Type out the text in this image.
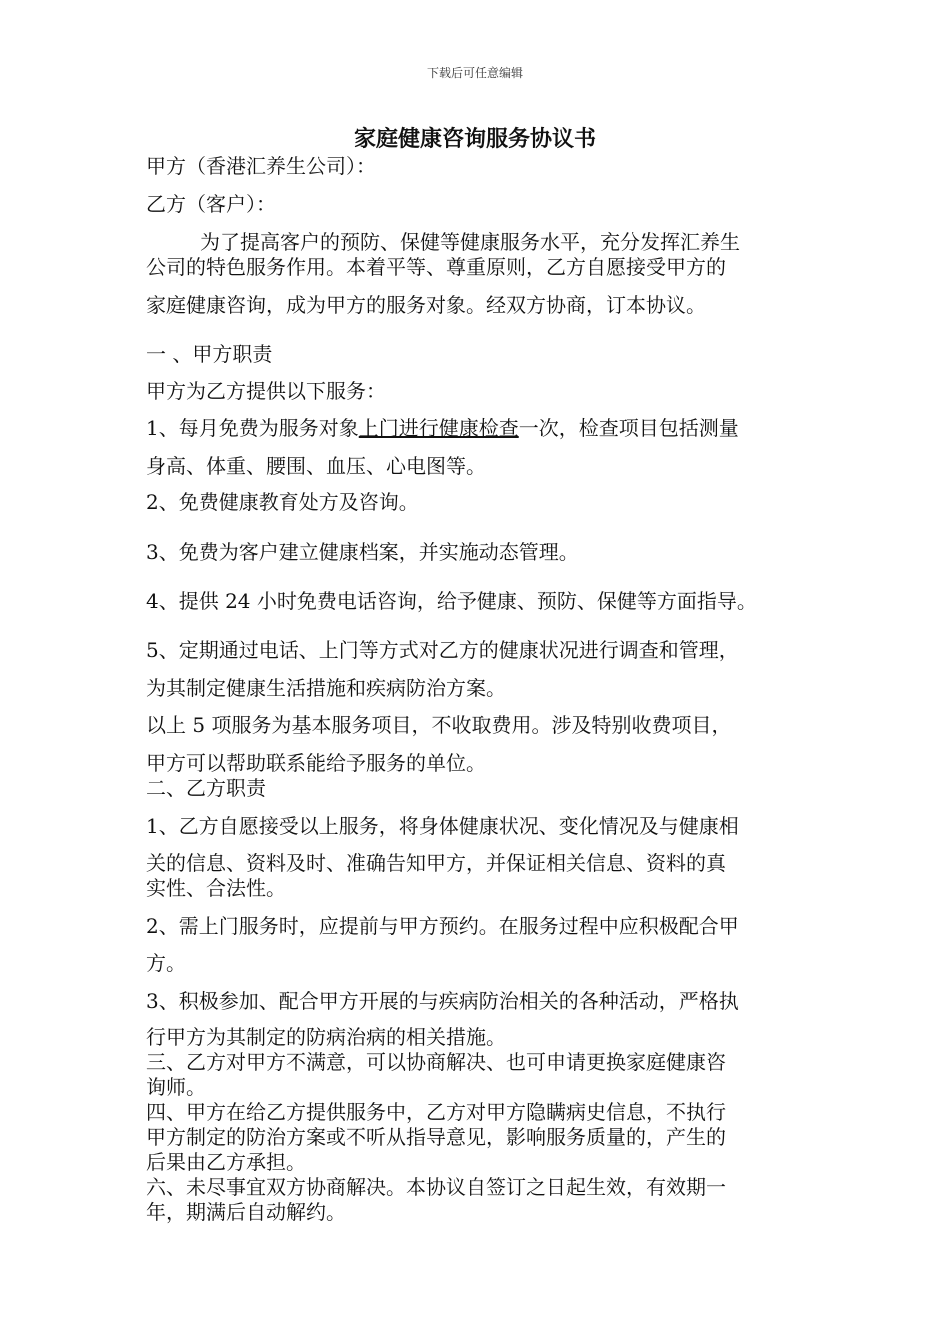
下载后可任意编辑
家庭健康咨询服务协议书
甲方（香港汇养生公司）：
乙方（客户）：
为了提高客户的预防、保健等健康服务水平，充分发挥汇养生
公司的特色服务作用。本着平等、尊重原则，乙方自愿接受甲方的
家庭健康咨询，成为甲方的服务对象。经双方协商，订本协议。
一 、甲方职责
甲方为乙方提供以下服务：
1、每月免费为服务对象上门进行健康检查一次，检查项目包括测量
身高、体重、腰围、血压、心电图等。
2、免费健康教育处方及咨询。
3、免费为客户建立健康档案，并实施动态管理。
4、提供 24 小时免费电话咨询，给予健康、预防、保健等方面指导。
5、定期通过电话、上门等方式对乙方的健康状况进行调查和管理，
为其制定健康生活措施和疾病防治方案。
以上 5 项服务为基本服务项目，不收取费用。涉及特别收费项目，
甲方可以帮助联系能给予服务的单位。
二、乙方职责
1、乙方自愿接受以上服务，将身体健康状况、变化情况及与健康相
关的信息、资料及时、准确告知甲方，并保证相关信息、资料的真
实性、合法性。
2、需上门服务时，应提前与甲方预约。在服务过程中应积极配合甲
方。
3、积极参加、配合甲方开展的与疾病防治相关的各种活动，严格执
行甲方为其制定的防病治病的相关措施。
三、乙方对甲方不满意，可以协商解决、也可申请更换家庭健康咨
询师。
四、甲方在给乙方提供服务中，乙方对甲方隐瞒病史信息，不执行
甲方制定的防治方案或不听从指导意见，影响服务质量的，产生的
后果由乙方承担。
六、未尽事宜双方协商解决。本协议自签订之日起生效，有效期一
年，期满后自动解约。
